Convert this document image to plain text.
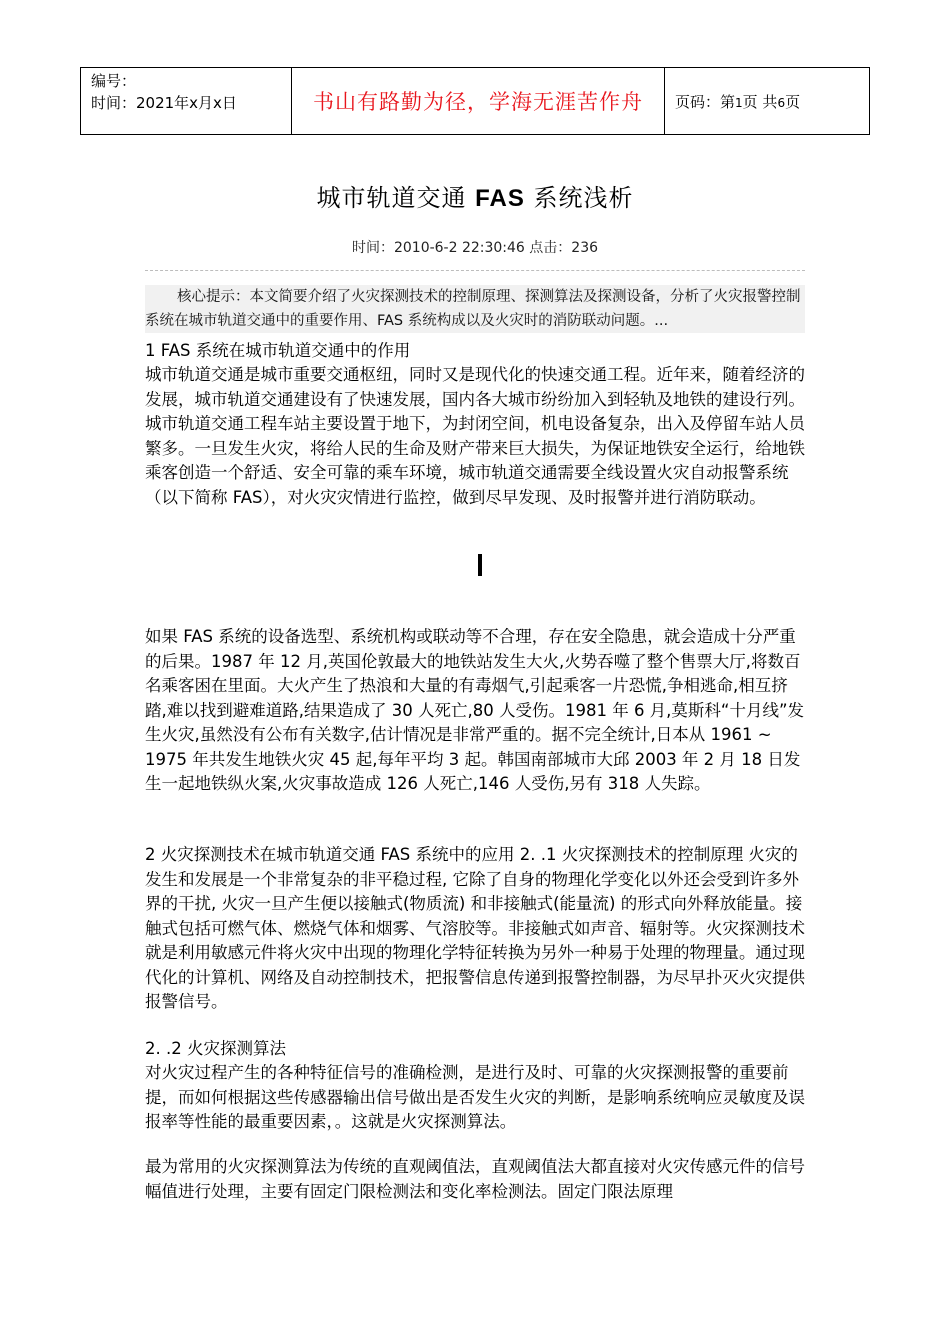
编号：
时间：2021年x月x日	书山有路勤为径，学海无涯苦作舟	页码：第1页 共6页
城市轨道交通 FAS 系统浅析
时间：2010-6-2 22:30:46 点击：236
核心提示：本文简要介绍了火灾探测技术的控制原理、探测算法及探测设备，分析了火灾报警控制系统在城市轨道交通中的重要作用、FAS 系统构成以及火灾时的消防联动问题。...

1 FAS 系统在城市轨道交通中的作用

城市轨道交通是城市重要交通枢纽，同时又是现代化的快速交通工程。近年来，随着经济的发展，城市轨道交通建设有了快速发展，国内各大城市纷纷加入到轻轨及地铁的建设行列。城市轨道交通工程车站主要设置于地下，为封闭空间，机电设备复杂，出入及停留车站人员繁多。一旦发生火灾，将给人民的生命及财产带来巨大损失，为保证地铁安全运行，给地铁乘客创造一个舒适、安全可靠的乘车环境，城市轨道交通需要全线设置火灾自动报警系统（以下简称 FAS），对火灾灾情进行监控，做到尽早发现、及时报警并进行消防联动。

如果 FAS 系统的设备选型、系统机构或联动等不合理，存在安全隐患，就会造成十分严重的后果。1987 年 12 月,英国伦敦最大的地铁站发生大火,火势吞噬了整个售票大厅,将数百名乘客困在里面。大火产生了热浪和大量的有毒烟气,引起乘客一片恐慌,争相逃命,相互挤踏,难以找到避难道路,结果造成了 30 人死亡,80 人受伤。1981 年 6 月,莫斯科“十月线”发生火灾,虽然没有公布有关数字,估计情况是非常严重的。据不完全统计,日本从 1961 ~ 1975 年共发生地铁火灾 45 起,每年平均 3 起。韩国南部城市大邱 2003 年 2 月 18 日发生一起地铁纵火案,火灾事故造成 126 人死亡,146 人受伤,另有 318 人失踪。

2 火灾探测技术在城市轨道交通 FAS 系统中的应用 2. .1 火灾探测技术的控制原理 火灾的发生和发展是一个非常复杂的非平稳过程, 它除了自身的物理化学变化以外还会受到许多外界的干扰, 火灾一旦产生便以接触式(物质流) 和非接触式(能量流) 的形式向外释放能量。接触式包括可燃气体、燃烧气体和烟雾、气溶胶等。非接触式如声音、辐射等。火灾探测技术就是利用敏感元件将火灾中出现的物理化学特征转换为另外一种易于处理的物理量。通过现代化的计算机、网络及自动控制技术，把报警信息传递到报警控制器，为尽早扑灭火灾提供报警信号。

2. .2 火灾探测算法

对火灾过程产生的各种特征信号的准确检测，是进行及时、可靠的火灾探测报警的重要前提，而如何根据这些传感器输出信号做出是否发生火灾的判断，是影响系统响应灵敏度及误报率等性能的最重要因素，。这就是火灾探测算法。

最为常用的火灾探测算法为传统的直观阈值法，直观阈值法大都直接对火灾传感元件的信号幅值进行处理，主要有固定门限检测法和变化率检测法。固定门限法原理
